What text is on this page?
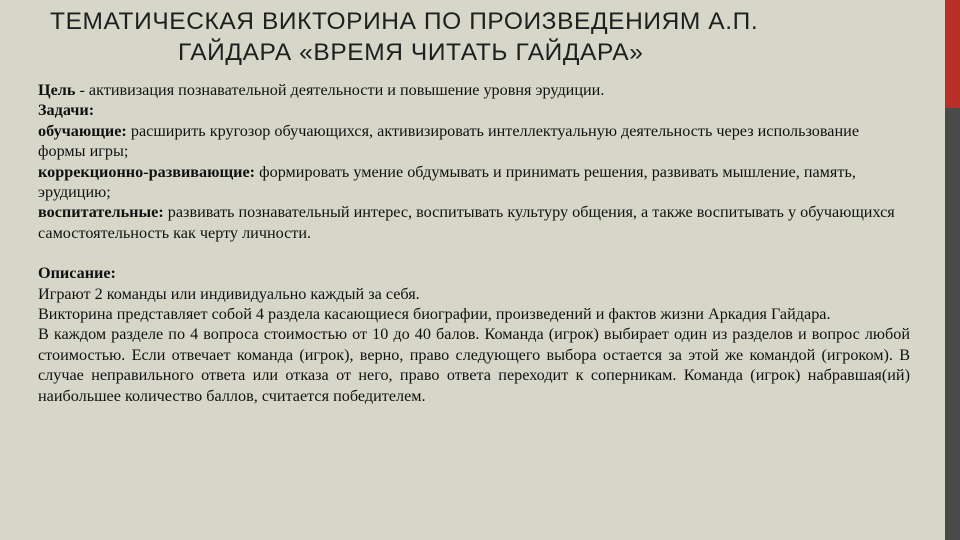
ТЕМАТИЧЕСКАЯ ВИКТОРИНА ПО ПРОИЗВЕДЕНИЯМ А.П.
ГАЙДАРА «ВРЕМЯ ЧИТАТЬ ГАЙДАРА»

Цель - активизация познавательной деятельности и повышение уровня эрудиции.

Задачи:

обучающие: расширить кругозор обучающихся, активизировать интеллектуальную деятельность через использование формы игры;

коррекционно-развивающие: формировать умение обдумывать и принимать решения, развивать мышление, память, эрудицию;

воспитательные: развивать познавательный интерес, воспитывать культуру общения, а также воспитывать у обучающихся самостоятельность как черту личности.

Описание:

Играют 2 команды или индивидуально каждый за себя.

Викторина представляет собой 4 раздела касающиеся биографии, произведений и фактов жизни Аркадия Гайдара.

В каждом разделе по 4 вопроса стоимостью от 10 до 40 балов. Команда (игрок) выбирает один из разделов и вопрос любой стоимостью. Если отвечает команда (игрок), верно, право следующего выбора остается за этой же командой (игроком). В случае неправильного ответа или отказа от него, право ответа переходит к соперникам. Команда (игрок) набравшая(ий) наибольшее количество баллов, считается победителем.
